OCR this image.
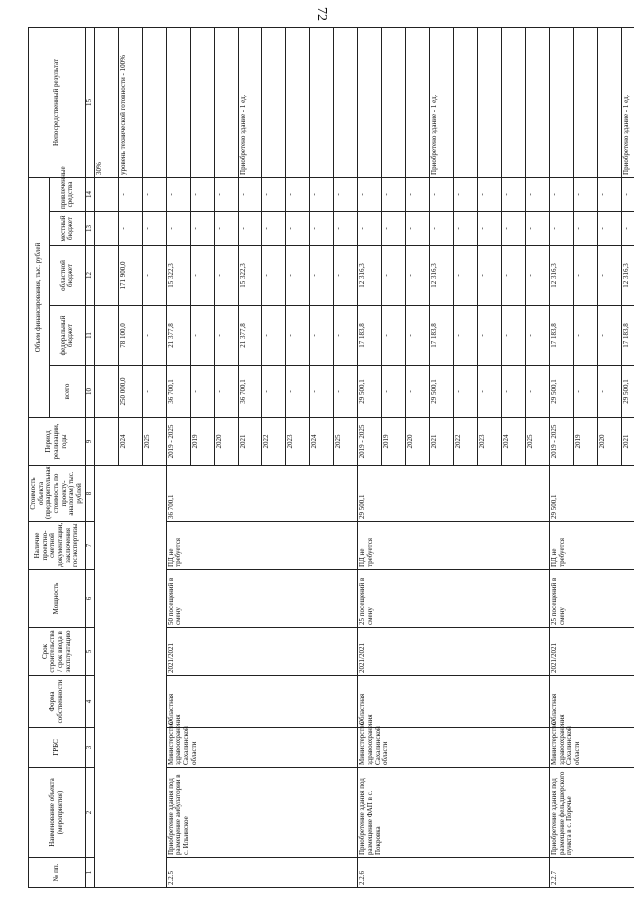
72
№ пп.	Наименование объекта (мероприятия)	ГРБС	Форма собственности	Срок строительства / срок ввода в эксплуатацию	Мощность	Наличие проектно-сметной документации, заключения госэкспертизы	Стоимость объекта (предварительная стоимость по проекту-аналогам) тыс. рублей	Период реализации, годы	Объем финансирования, тыс. рублей					Непосредственный результат
									всего	федеральный бюджет	областной бюджет	местный бюджет	привлеченные средства	
1	2	3	4	5	6	7	8	9	10	11	12	13	14	15
														30%
								2024	250 000,0	78 100,0	171 900,0	-	-	уровень технической готовности - 100%
								2025	-	-	-	-	-	
2.2.5	Приобретение здания под размещение амбулатории в с. Ильинское	Министерство здравоохранения Сахалинской области	Областная	2021/2021	50 посещений в смену	ПД не требуется	36 700,1	2019 - 2025	36 700,1	21 377,8	15 322,3	-	-	
								2019	-	-	-	-	-	
								2020	-	-	-	-	-	
								2021	36 700,1	21 377,8	15 322,3	-	-	Приобретено здание - 1 ед.
								2022	-	-	-	-	-	
								2023	-	-	-	-	-	
								2024	-	-	-	-	-	
								2025	-	-	-	-	-	
2.2.6	Приобретение здания под размещение ФАП в с. Покровка	Министерство здравоохранения Сахалинской области	Областная	2021/2021	25 посещений в смену	ПД не требуется	29 500,1	2019 - 2025	29 500,1	17 183,8	12 316,3	-	-	
								2019	-	-	-	-	-	
								2020	-	-	-	-	-	
								2021	29 500,1	17 183,8	12 316,3	-	-	Приобретено здание - 1 ед.
								2022	-	-	-	-	-	
								2023	-	-	-	-	-	
								2024	-	-	-	-	-	
								2025	-	-	-	-	-	
2.2.7	Приобретение здания под размещение фельдшерского пункта в с. Поречье	Министерство здравоохранения Сахалинской области	Областная	2021/2021	25 посещений в смену	ПД не требуется	29 500,1	2019 - 2025	29 500,1	17 183,8	12 316,3	-	-	
								2019	-	-	-	-	-	
								2020	-	-	-	-	-	
								2021	29 500,1	17 183,8	12 316,3	-	-	Приобретено здание - 1 ед.
